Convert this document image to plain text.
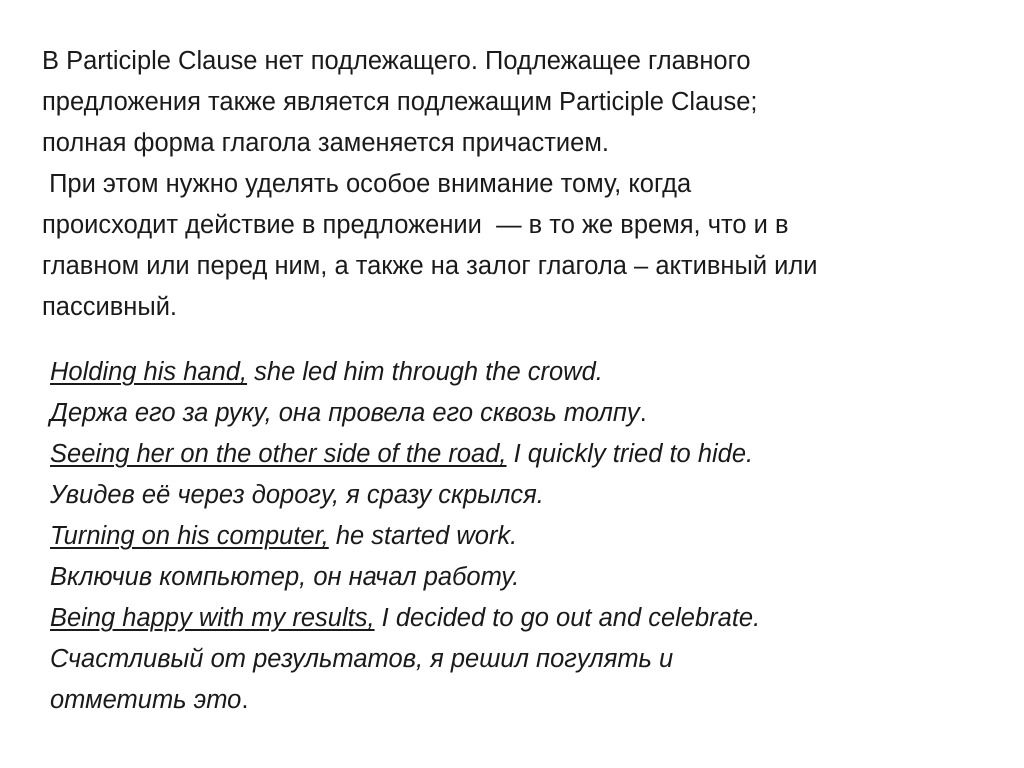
В Participle Clause нет подлежащего. Подлежащее главного
предложения также является подлежащим Participle Clause;
полная форма глагола заменяется причастием.
При этом нужно уделять особое внимание тому, когда
происходит действие в предложении  — в то же время, что и в
главном или перед ним, а также на залог глагола – активный или
пассивный.
Holding his hand, she led him through the crowd.
Держа его за руку, она провела его сквозь толпу.
Seeing her on the other side of the road, I quickly tried to hide.
Увидев её через дорогу, я сразу скрылся.
Turning on his computer, he started work.
Включив компьютер, он начал работу.
Being happy with my results, I decided to go out and celebrate.
Счастливый от результатов, я решил погулять и
отметить это.
